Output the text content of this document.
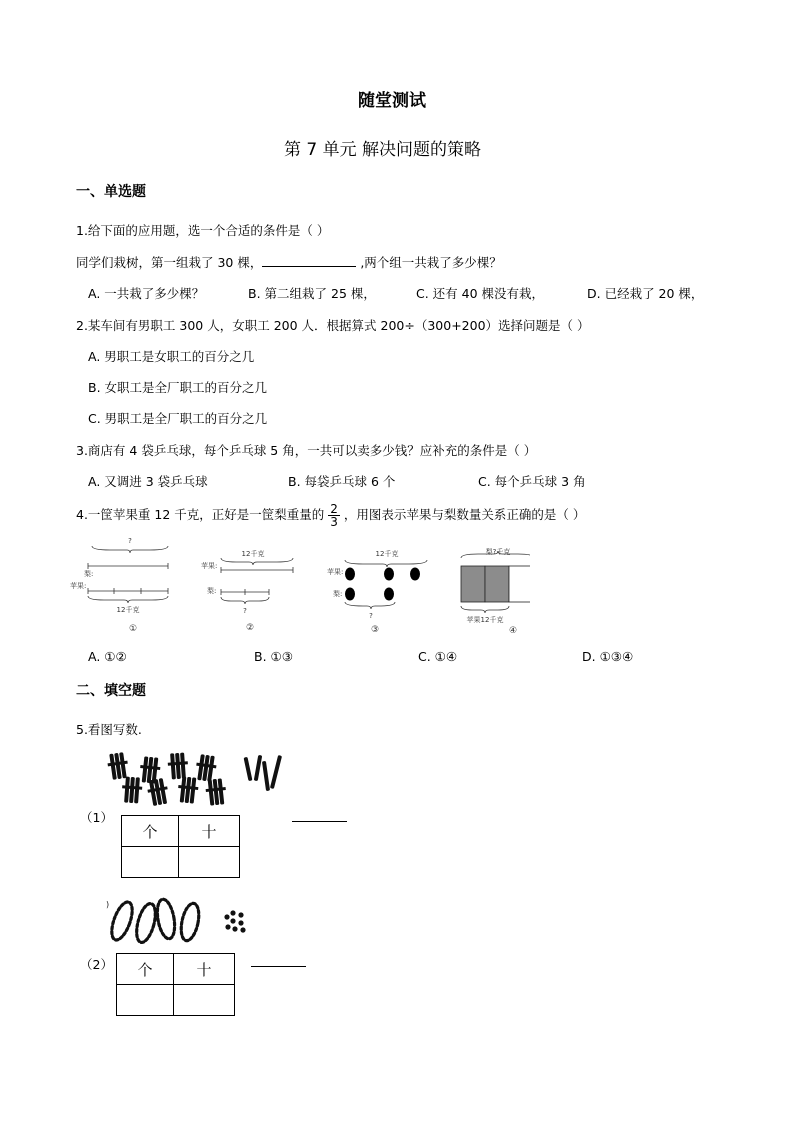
随堂测试
第 7 单元 解决问题的策略
一、单选题
1.给下面的应用题，选一个合适的条件是（ ）
同学们栽树，第一组栽了 30 棵，	,两个组一共栽了多少棵？
A. 一共栽了多少棵？	B. 第二组栽了 25 棵，	C. 还有 40 棵没有栽，	D. 已经栽了 20 棵，
2.某车间有男职工 300 人，女职工 200 人．根据算式 200÷（300+200）选择问题是（ ）
A. 男职工是女职工的百分之几
B. 女职工是全厂职工的百分之几
C. 男职工是全厂职工的百分之几
3.商店有 4 袋乒乓球，每个乒乓球 5 角，一共可以卖多少钱？应补充的条件是（ ）
A. 又调进 3 袋乒乓球	B. 每袋乒乓球 6 个	C. 每个乒乓球 3 角
4.一筐苹果重 12 千克，正好是一筐梨重量的 $\frac{2}{3}$ ，用图表示苹果与梨数量关系正确的是（ ）
?
苹果:
梨:
12千克
①
12千克
苹果:
梨:
?
②
12千克
苹果:
梨:
?
③
梨?千克
苹果12千克
④
A. ①②	B. ①③	C. ①④	D. ①③④
二、填空题
5.看图写数.
（1）
个	十

)
（2） 个	十
